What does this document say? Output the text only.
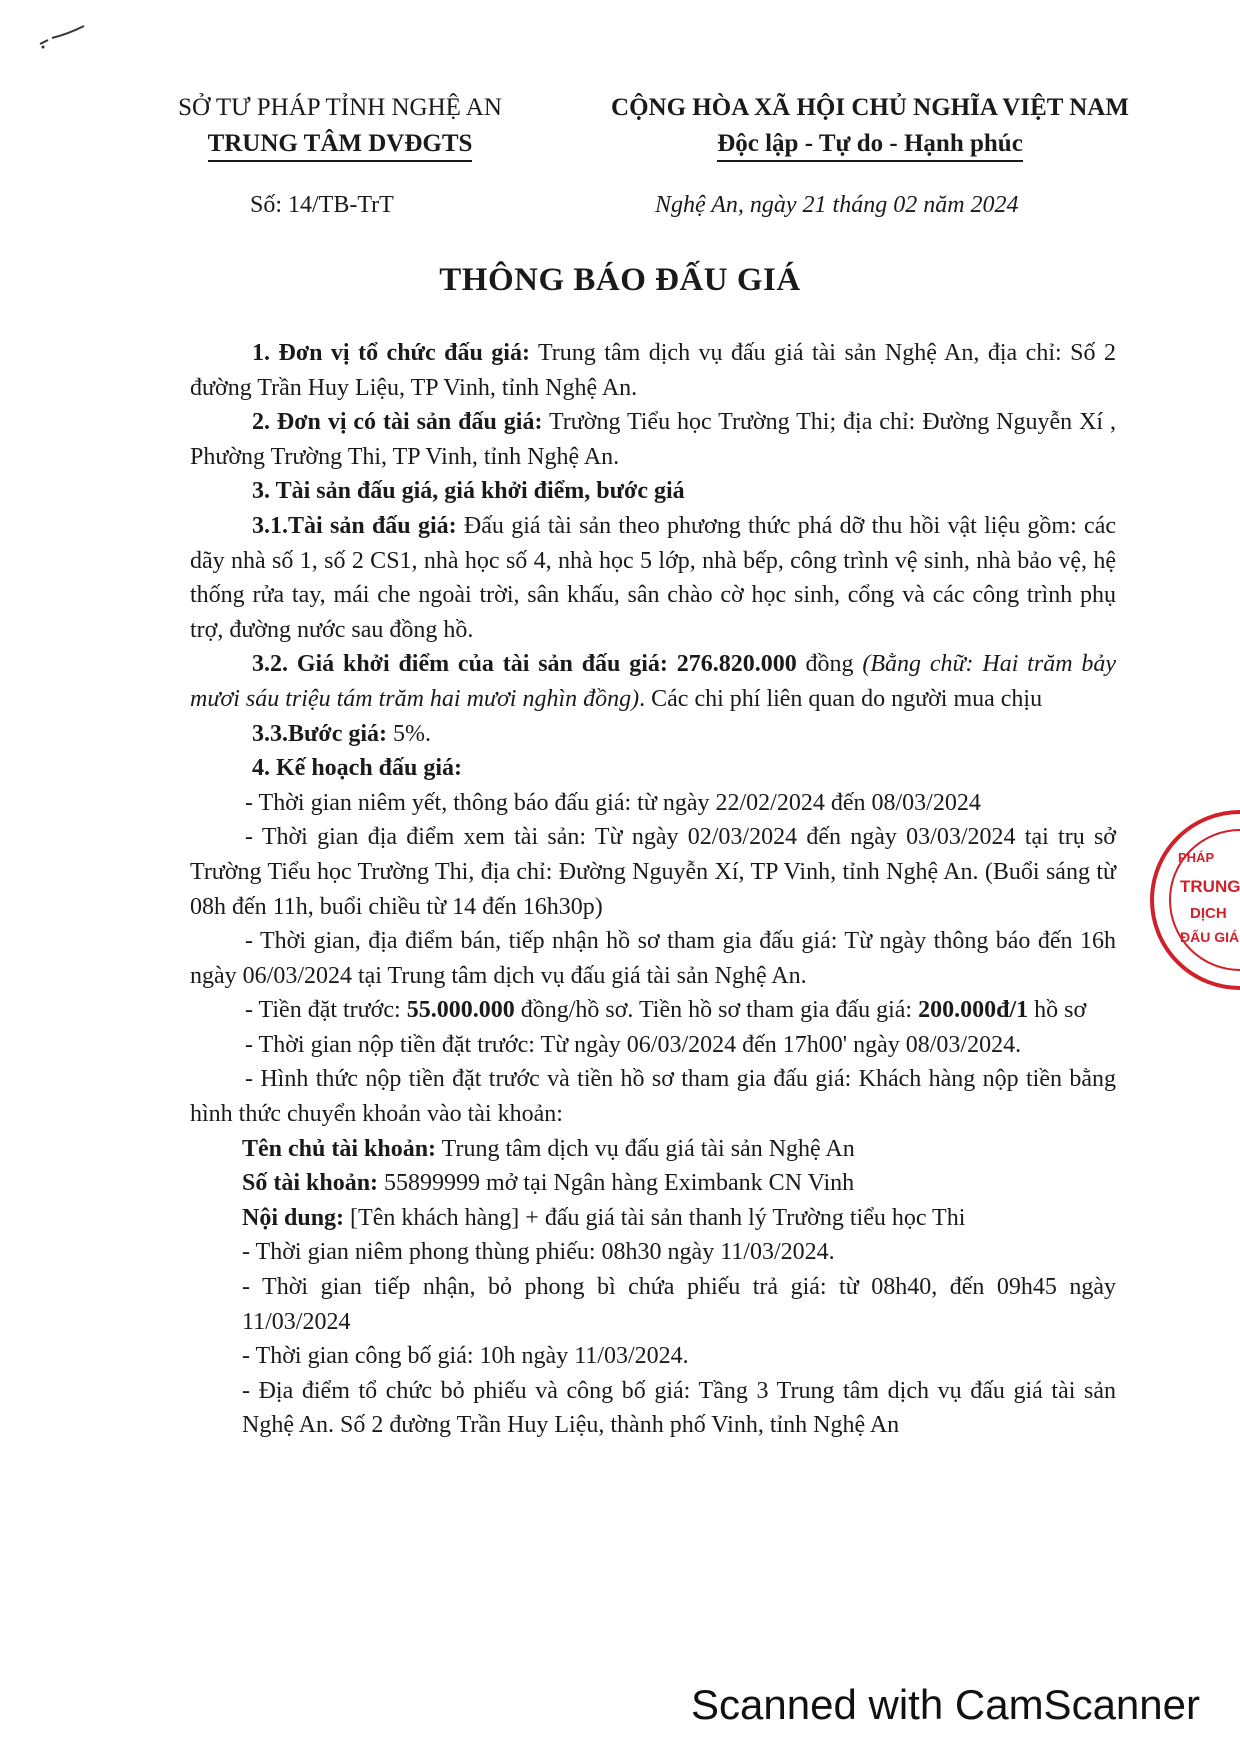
SỞ TƯ PHÁP TỈNH NGHỆ AN
TRUNG TÂM DVĐGTS
CỘNG HÒA XÃ HỘI CHỦ NGHĨA VIỆT NAM
Độc lập - Tự do - Hạnh phúc
Số: 14/TB-TrT	Nghệ An, ngày 21 tháng 02 năm 2024
THÔNG BÁO ĐẤU GIÁ

1. Đơn vị tổ chức đấu giá: Trung tâm dịch vụ đấu giá tài sản Nghệ An, địa chỉ: Số 2 đường Trần Huy Liệu, TP Vinh, tỉnh Nghệ An.

2. Đơn vị có tài sản đấu giá: Trường Tiểu học Trường Thi; địa chỉ: Đường Nguyễn Xí , Phường Trường Thi, TP Vinh, tỉnh Nghệ An.

3. Tài sản đấu giá, giá khởi điểm, bước giá

3.1.Tài sản đấu giá: Đấu giá tài sản theo phương thức phá dỡ thu hồi vật liệu gồm: các dãy nhà số 1, số 2 CS1, nhà học số 4, nhà học 5 lớp, nhà bếp, công trình vệ sinh, nhà bảo vệ, hệ thống rửa tay, mái che ngoài trời, sân khấu, sân chào cờ học sinh, cổng và các công trình phụ trợ, đường nước sau đồng hồ.

3.2. Giá khởi điểm của tài sản đấu giá: 276.820.000 đồng (Bằng chữ: Hai trăm bảy mươi sáu triệu tám trăm hai mươi nghìn đồng). Các chi phí liên quan do người mua chịu

3.3.Bước giá: 5%.

4. Kế hoạch đấu giá:

- Thời gian niêm yết, thông báo đấu giá: từ ngày 22/02/2024 đến 08/03/2024

- Thời gian địa điểm xem tài sản: Từ ngày 02/03/2024 đến ngày 03/03/2024 tại trụ sở Trường Tiểu học Trường Thi, địa chỉ: Đường Nguyễn Xí, TP Vinh, tỉnh Nghệ An. (Buổi sáng từ 08h đến 11h, buổi chiều từ 14 đến 16h30p)

- Thời gian, địa điểm bán, tiếp nhận hồ sơ tham gia đấu giá: Từ ngày thông báo đến 16h ngày 06/03/2024 tại Trung tâm dịch vụ đấu giá tài sản Nghệ An.

- Tiền đặt trước: 55.000.000 đồng/hồ sơ. Tiền hồ sơ tham gia đấu giá: 200.000đ/1 hồ sơ

- Thời gian nộp tiền đặt trước: Từ ngày 06/03/2024 đến 17h00' ngày 08/03/2024.

- Hình thức nộp tiền đặt trước và tiền hồ sơ tham gia đấu giá: Khách hàng nộp tiền bằng hình thức chuyển khoản vào tài khoản:

Tên chủ tài khoản: Trung tâm dịch vụ đấu giá tài sản Nghệ An

Số tài khoản: 55899999 mở tại Ngân hàng Eximbank CN Vinh

Nội dung: [Tên khách hàng] + đấu giá tài sản thanh lý Trường tiểu học Thi

- Thời gian niêm phong thùng phiếu: 08h30 ngày 11/03/2024.

- Thời gian tiếp nhận, bỏ phong bì chứa phiếu trả giá: từ 08h40, đến 09h45 ngày 11/03/2024

- Thời gian công bố giá: 10h ngày 11/03/2024.

- Địa điểm tổ chức bỏ phiếu và công bố giá: Tầng 3 Trung tâm dịch vụ đấu giá tài sản Nghệ An. Số 2 đường Trần Huy Liệu, thành phố Vinh, tỉnh Nghệ An

PHÁP
TRUNG
DỊCH
ĐẤU GIÁ
Scanned with CamScanner
